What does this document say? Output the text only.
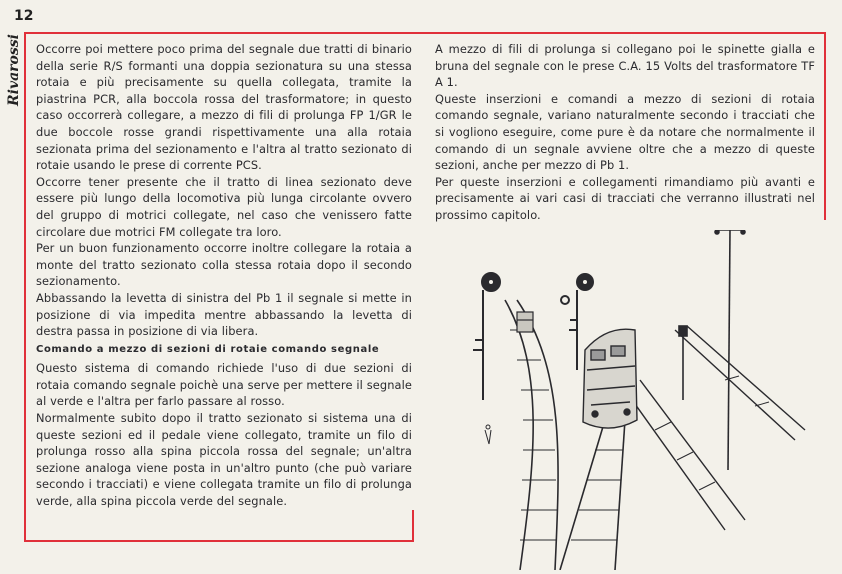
12
Rivarossi	Occorre poi mettere poco prima del segnale due tratti di binario della serie R/S formanti una doppia sezionatura su una stessa rotaia e più precisamente su quella collegata, tramite la piastrina PCR, alla boccola rossa del trasformatore; in questo caso occorrerà collegare, a mezzo di fili di prolunga FP 1/GR le due boccole rosse grandi rispettivamente una alla rotaia sezionata prima del sezionamento e l'altra al tratto sezionato di rotaie usando le prese di corrente PCS.

Occorre tener presente che il tratto di linea sezionato deve essere più lungo della locomotiva più lunga circolante ovvero del gruppo di motrici collegate, nel caso che venissero fatte circolare due motrici FM collegate tra loro.

Per un buon funzionamento occorre inoltre collegare la rotaia a monte del tratto sezionato colla stessa rotaia dopo il secondo sezionamento.

Abbassando la levetta di sinistra del Pb 1 il segnale si mette in posizione di via impedita mentre abbassando la levetta di destra passa in posizione di via libera.

Comando a mezzo di sezioni di rotaie comando segnale

Questo sistema di comando richiede l'uso di due sezioni di rotaia comando segnale poichè una serve per mettere il segnale al verde e l'altra per farlo passare al rosso.

Normalmente subito dopo il tratto sezionato si sistema una di queste sezioni ed il pedale viene collegato, tramite un filo di prolunga rosso alla spina piccola rossa del segnale; un'altra sezione analoga viene posta in un'altro punto (che può variare secondo i tracciati) e viene collegata tramite un filo di prolunga verde, alla spina piccola verde del segnale.

A mezzo di fili di prolunga si collegano poi le spinette gialla e bruna del segnale con le prese C.A. 15 Volts del trasformatore TF A 1.

Queste inserzioni e comandi a mezzo di sezioni di rotaia comando segnale, variano naturalmente secondo i tracciati che si vogliono eseguire, come pure è da notare che normalmente il comando di un segnale avviene oltre che a mezzo di queste sezioni, anche per mezzo di Pb 1.

Per queste inserzioni e collegamenti rimandiamo più avanti e precisamente ai vari casi di tracciati che verranno illustrati nel prossimo capitolo.
